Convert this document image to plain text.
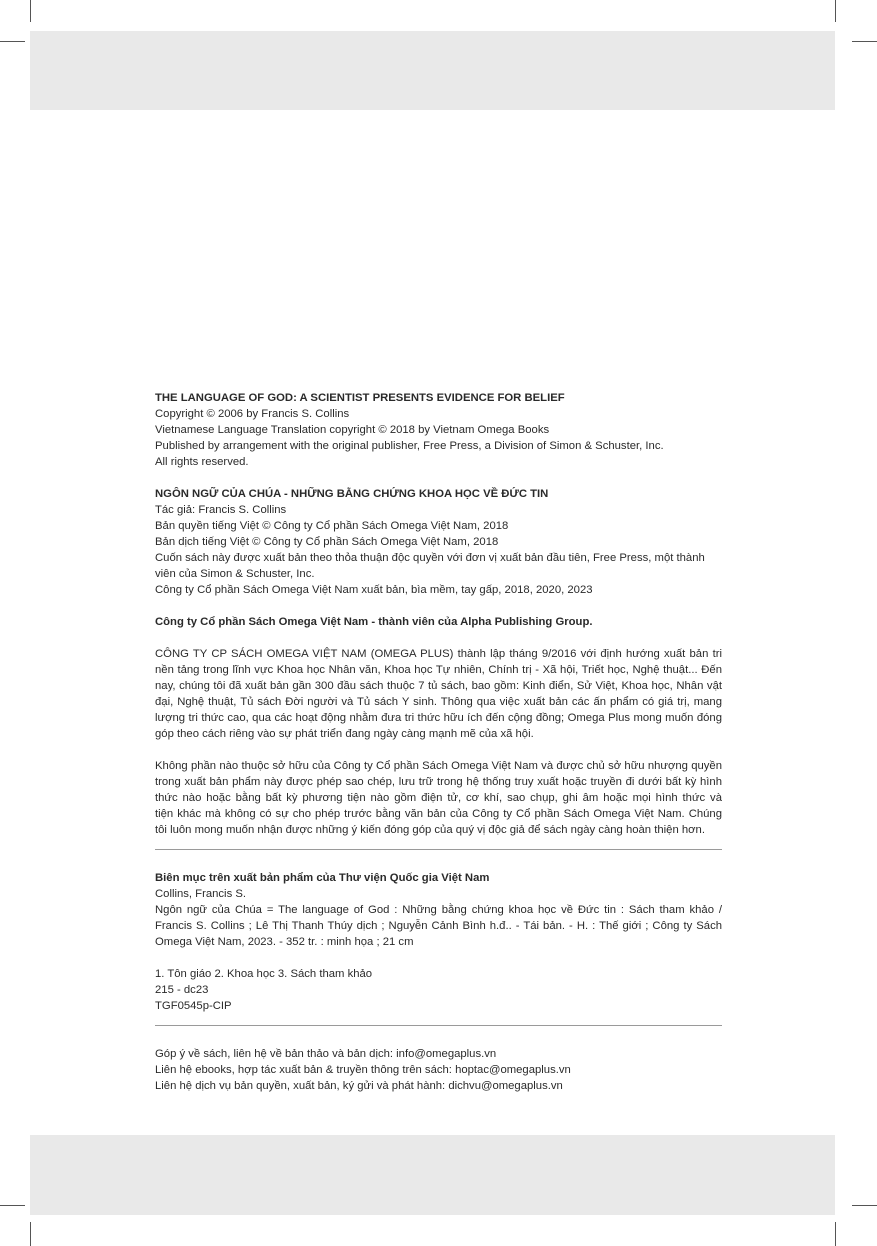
THE LANGUAGE OF GOD: A SCIENTIST PRESENTS EVIDENCE FOR BELIEF
Copyright © 2006 by Francis S. Collins
Vietnamese Language Translation copyright © 2018 by Vietnam Omega Books
Published by arrangement with the original publisher, Free Press, a Division of Simon & Schuster, Inc.
All rights reserved.
NGÔN NGỮ CỦA CHÚA - NHỮNG BẰNG CHỨNG KHOA HỌC VỀ ĐỨC TIN
Tác giả: Francis S. Collins
Bản quyền tiếng Việt © Công ty Cổ phần Sách Omega Việt Nam, 2018
Bản dịch tiếng Việt © Công ty Cổ phần Sách Omega Việt Nam, 2018
Cuốn sách này được xuất bản theo thỏa thuận độc quyền với đơn vị xuất bản đầu tiên, Free Press, một thành
viên của Simon & Schuster, Inc.
Công ty Cổ phần Sách Omega Việt Nam xuất bản, bìa mềm, tay gấp, 2018, 2020, 2023
Công ty Cổ phần Sách Omega Việt Nam - thành viên của Alpha Publishing Group.
CÔNG TY CP SÁCH OMEGA VIỆT NAM (OMEGA PLUS) thành lập tháng 9/2016 với định hướng xuất bản tri
nền tảng trong lĩnh vực Khoa học Nhân văn, Khoa học Tự nhiên, Chính trị - Xã hội, Triết học, Nghệ thuật... Đến
nay, chúng tôi đã xuất bản gần 300 đầu sách thuộc 7 tủ sách, bao gồm: Kinh điển, Sử Việt, Khoa học, Nhân vật
đại, Nghệ thuật, Tủ sách Đời người và Tủ sách Y sinh. Thông qua việc xuất bản các ấn phẩm có giá trị, mang
lượng tri thức cao, qua các hoạt động nhằm đưa tri thức hữu ích đến cộng đồng; Omega Plus mong muốn đóng
góp theo cách riêng vào sự phát triển đang ngày càng mạnh mẽ của xã hội.
Không phần nào thuộc sở hữu của Công ty Cổ phần Sách Omega Việt Nam và được chủ sở hữu nhượng quyền
trong xuất bản phẩm này được phép sao chép, lưu trữ trong hệ thống truy xuất hoặc truyền đi dưới bất kỳ hình
thức nào hoặc bằng bất kỳ phương tiện nào gồm điện tử, cơ khí, sao chụp, ghi âm hoặc mọi hình thức và
tiện khác mà không có sự cho phép trước bằng văn bản của Công ty Cổ phần Sách Omega Việt Nam. Chúng
tôi luôn mong muốn nhận được những ý kiến đóng góp của quý vị độc giả để sách ngày càng hoàn thiện hơn.
Biên mục trên xuất bản phẩm của Thư viện Quốc gia Việt Nam
Collins, Francis S.
Ngôn ngữ của Chúa = The language of God : Những bằng chứng khoa học về Đức tin : Sách tham khảo /
Francis S. Collins ; Lê Thị Thanh Thúy dịch ; Nguyễn Cảnh Bình h.đ.. - Tái bản. - H. : Thế giới ; Công ty Sách
Omega Việt Nam, 2023. - 352 tr. : minh họa ; 21 cm
1. Tôn giáo 2. Khoa học 3. Sách tham khảo
215 - dc23
TGF0545p-CIP
Góp ý về sách, liên hệ về bản thảo và bản dịch: info@omegaplus.vn
Liên hệ ebooks, hợp tác xuất bản & truyền thông trên sách: hoptac@omegaplus.vn
Liên hệ dịch vụ bản quyền, xuất bản, ký gửi và phát hành: dichvu@omegaplus.vn
